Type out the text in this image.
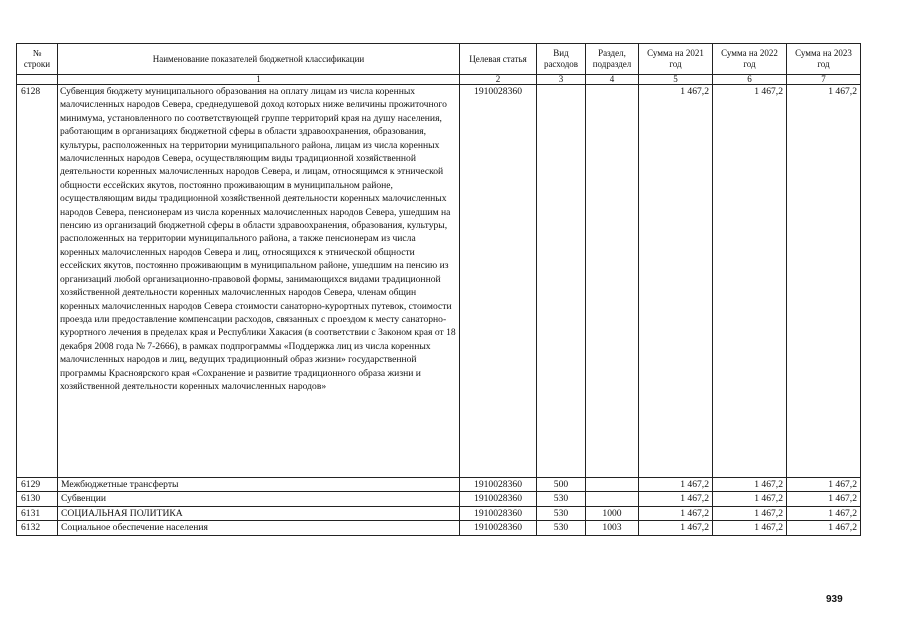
№ строки	Наименование показателей бюджетной классификации	Целевая статья	Вид расходов	Раздел, подраздел	Сумма на 2021 год	Сумма на 2022 год	Сумма на 2023 год
	1	2	3	4	5	6	7
6128	Субвенция бюджету муниципального образования на оплату лицам из числа коренных малочисленных народов Севера, среднедушевой доход которых ниже величины прожиточного минимума, установленного по соответствующей группе территорий края на душу населения, работающим в организациях бюджетной сферы в области здравоохранения, образования, культуры, расположенных на территории муниципального района, лицам из числа коренных малочисленных народов Севера, осуществляющим виды традиционной хозяйственной деятельности коренных малочисленных народов Севера, и лицам, относящимся к этнической общности ессейских якутов, постоянно проживающим в муниципальном районе, осуществляющим виды традиционной хозяйственной деятельности коренных малочисленных народов Севера, пенсионерам из числа коренных малочисленных народов Севера, ушедшим на пенсию из организаций бюджетной сферы в области здравоохранения, образования, культуры, расположенных на территории муниципального района, а также пенсионерам из числа коренных малочисленных народов Севера и лиц, относящихся к этнической общности ессейских якутов, постоянно проживающим в муниципальном районе, ушедшим на пенсию из организаций любой организационно-правовой формы, занимающихся видами традиционной хозяйственной деятельности коренных малочисленных народов Севера, членам общин коренных малочисленных народов Севера стоимости санаторно-курортных путевок, стоимости проезда или предоставление компенсации расходов, связанных с проездом к месту санаторно-курортного лечения в пределах края и Республики Хакасия (в соответствии с Законом края от 18 декабря 2008 года № 7-2666), в рамках подпрограммы «Поддержка лиц из числа коренных малочисленных народов и лиц, ведущих традиционный образ жизни» государственной программы Красноярского края «Сохранение и развитие традиционного образа жизни и хозяйственной деятельности коренных малочисленных народов»	1910028360			1 467,2	1 467,2	1 467,2
6129	Межбюджетные трансферты	1910028360	500		1 467,2	1 467,2	1 467,2
6130	Субвенции	1910028360	530		1 467,2	1 467,2	1 467,2
6131	СОЦИАЛЬНАЯ ПОЛИТИКА	1910028360	530	1000	1 467,2	1 467,2	1 467,2
6132	Социальное обеспечение населения	1910028360	530	1003	1 467,2	1 467,2	1 467,2
939
